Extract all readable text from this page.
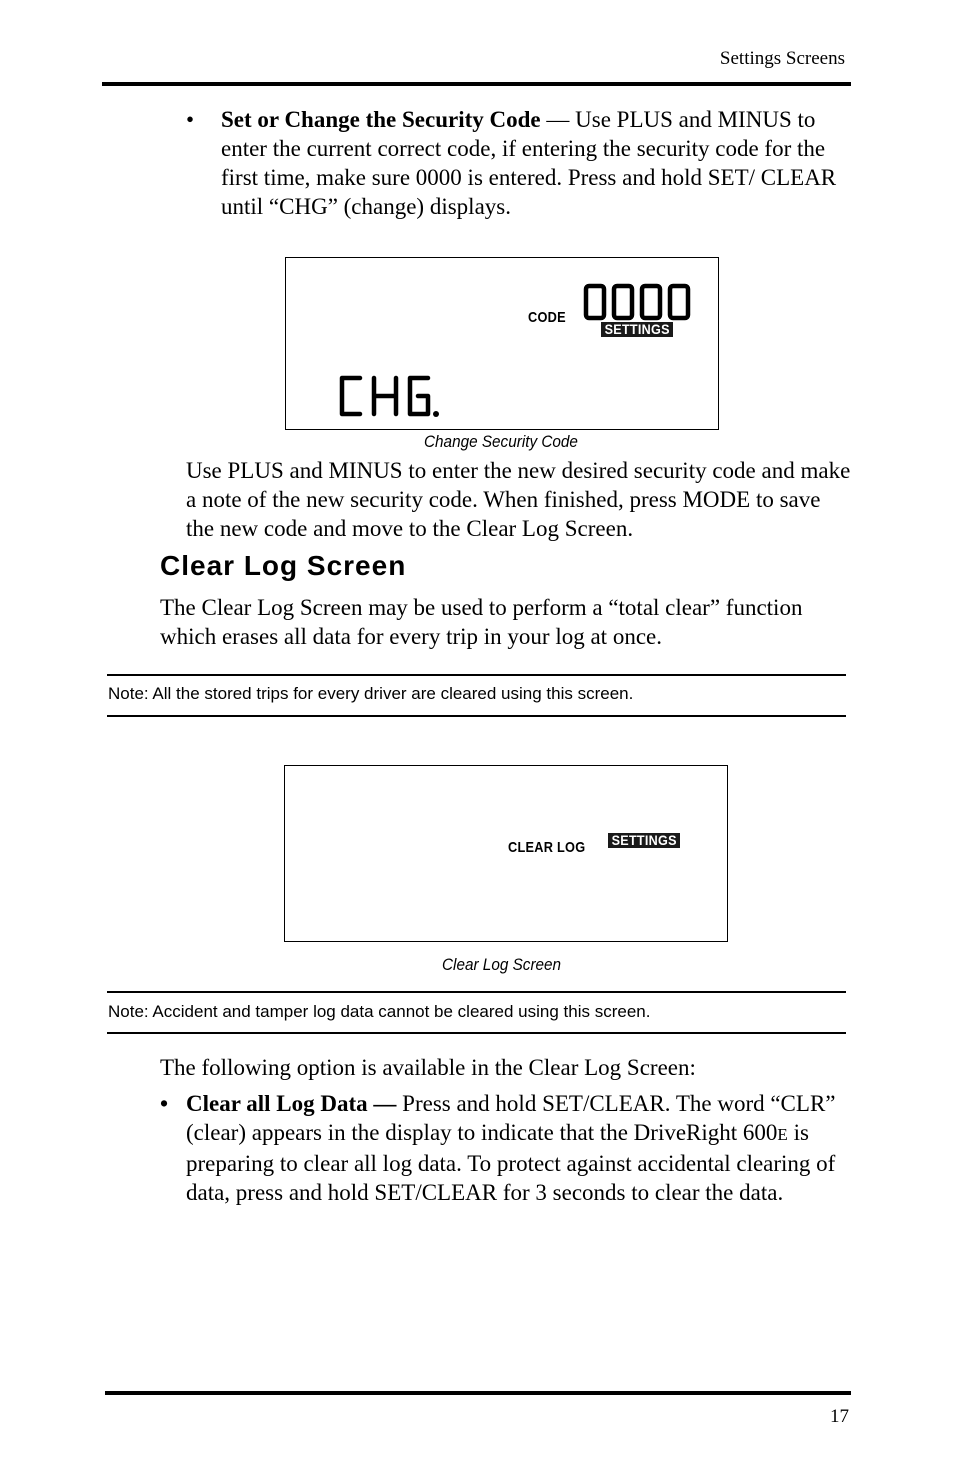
Settings Screens
• Set or Change the Security Code — Use PLUS and MINUS to enter the current correct code, if entering the security code for the first time, make sure 0000 is entered. Press and hold SET/ CLEAR until “CHG” (change) displays.

CODE
SETTINGS
Change Security Code

Use PLUS and MINUS to enter the new desired security code and make a note of the new security code. When finished, press MODE to save the new code and move to the Clear Log Screen.

Clear Log Screen

The Clear Log Screen may be used to perform a “total clear” function which erases all data for every trip in your log at once.

Note: All the stored trips for every driver are cleared using this screen.
CLEAR LOG SETTINGS
Clear Log Screen
Note: Accident and tamper log data cannot be cleared using this screen.

The following option is available in the Clear Log Screen:

• Clear all Log Data — Press and hold SET/CLEAR. The word “CLR” (clear) appears in the display to indicate that the DriveRight 600E is preparing to clear all log data. To protect against accidental clearing of data, press and hold SET/CLEAR for 3 seconds to clear the data.

17
